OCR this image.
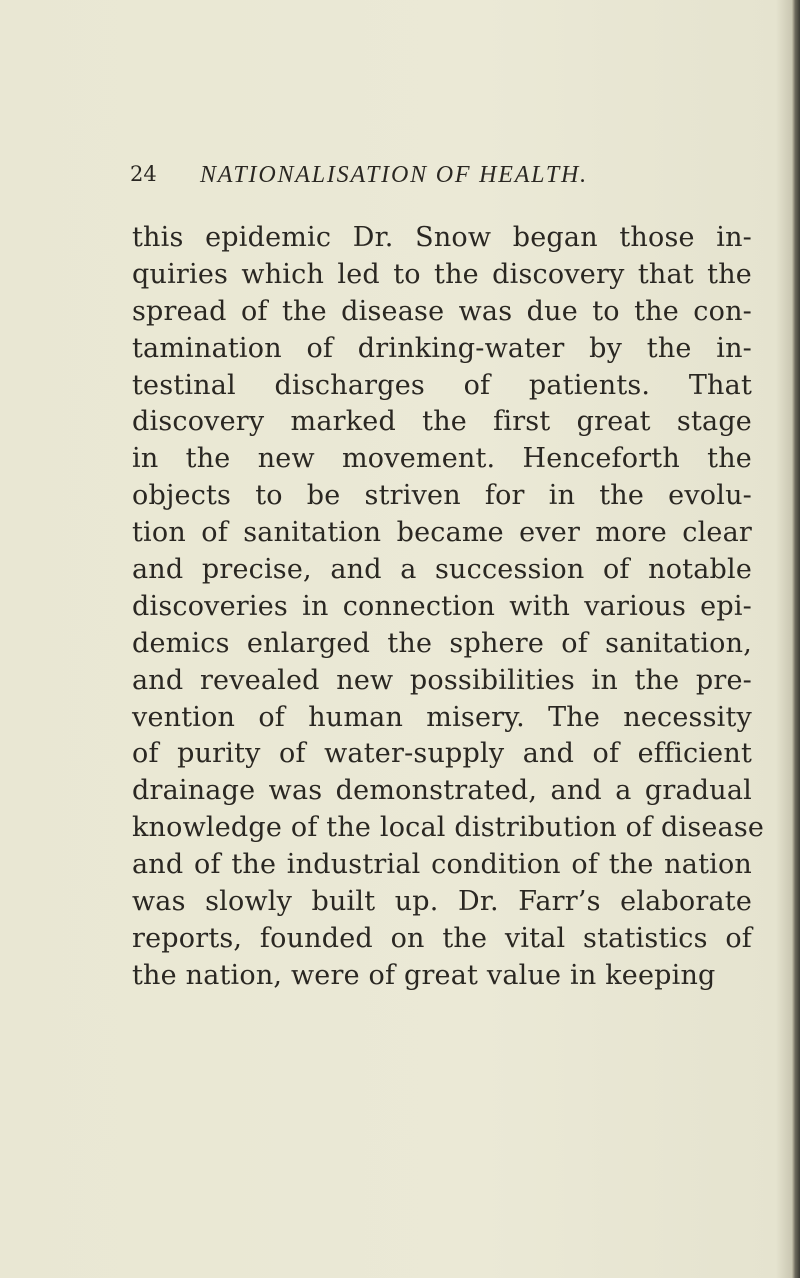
24 NATIONALISATION OF HEALTH.
this epidemic Dr. Snow began those in-
quiries which led to the discovery that the
spread of the disease was due to the con-
tamination of drinking-water by the in-
testinal discharges of patients. That
discovery marked the first great stage
in the new movement. Henceforth the
objects to be striven for in the evolu-
tion of sanitation became ever more clear
and precise, and a succession of notable
discoveries in connection with various epi-
demics enlarged the sphere of sanitation,
and revealed new possibilities in the pre-
vention of human misery. The necessity
of purity of water-supply and of efficient
drainage was demonstrated, and a gradual
knowledge of the local distribution of disease
and of the industrial condition of the nation
was slowly built up. Dr. Farr’s elaborate
reports, founded on the vital statistics of
the nation, were of great value in keeping
